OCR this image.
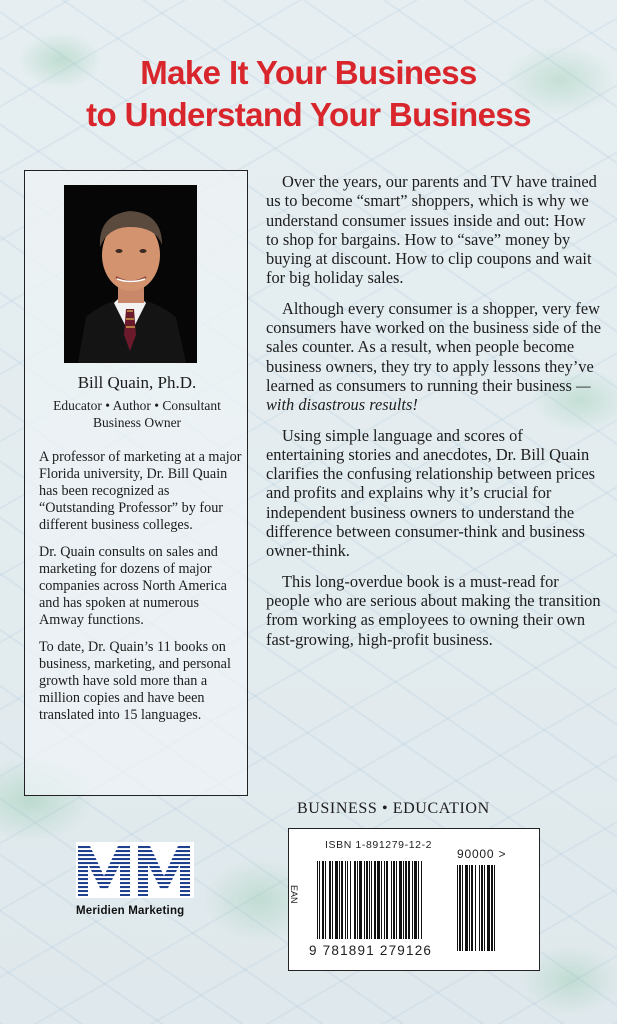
Make It Your Business
to Understand Your Business
Bill Quain, Ph.D.
Educator • Author • Consultant
Business Owner

A professor of marketing at a major Florida university, Dr. Bill Quain has been recognized as “Outstanding Professor” by four different business colleges.

Dr. Quain consults on sales and marketing for dozens of major companies across North America and has spoken at numerous Amway functions.

To date, Dr. Quain’s 11 books on business, marketing, and personal growth have sold more than a million copies and have been translated into 15 languages.

Over the years, our parents and TV have trained us to become “smart” shoppers, which is why we understand consumer issues inside and out: How to shop for bargains. How to “save” money by buying at discount. How to clip coupons and wait for big holiday sales.

Although every consumer is a shopper, very few consumers have worked on the business side of the sales counter. As a result, when people become business owners, they try to apply lessons they’ve learned as consumers to running their business —with disastrous results!

Using simple language and scores of entertaining stories and anecdotes, Dr. Bill Quain clarifies the confusing relationship between prices and profits and explains why it’s crucial for independent business owners to understand the difference between consumer-think and business owner-think.

This long-overdue book is a must-read for people who are serious about making the transition from working as employees to owning their own fast-growing, high-profit business.

BUSINESS • EDUCATION
ISBN 1-891279-12-2
90000 >
EAN
9 781891 279126
Meridien Marketing
